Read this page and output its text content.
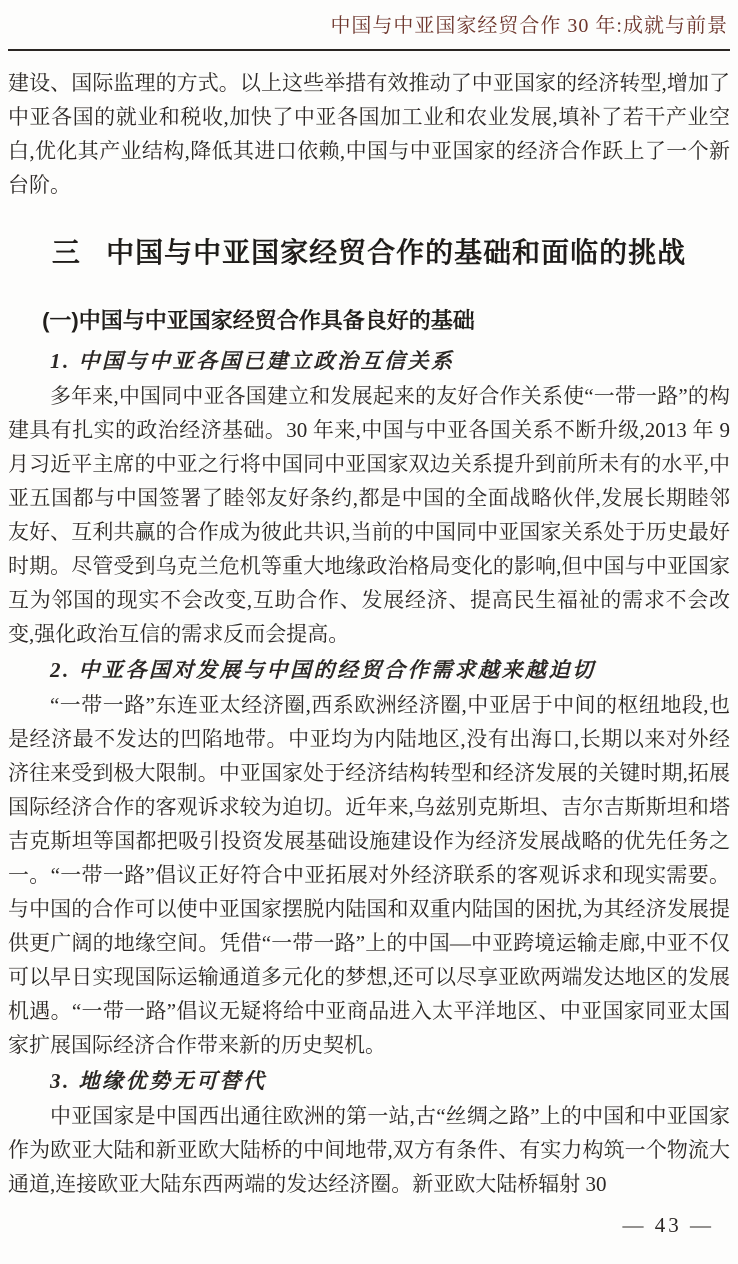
中国与中亚国家经贸合作 30 年:成就与前景

建设、国际监理的方式。以上这些举措有效推动了中亚国家的经济转型,增加了中亚各国的就业和税收,加快了中亚各国加工业和农业发展,填补了若干产业空白,优化其产业结构,降低其进口依赖,中国与中亚国家的经济合作跃上了一个新台阶。

三 中国与中亚国家经贸合作的基础和面临的挑战
(一)中国与中亚国家经贸合作具备良好的基础
1. 中国与中亚各国已建立政治互信关系

多年来,中国同中亚各国建立和发展起来的友好合作关系使“一带一路”的构建具有扎实的政治经济基础。30 年来,中国与中亚各国关系不断升级,2013 年 9 月习近平主席的中亚之行将中国同中亚国家双边关系提升到前所未有的水平,中亚五国都与中国签署了睦邻友好条约,都是中国的全面战略伙伴,发展长期睦邻友好、互利共赢的合作成为彼此共识,当前的中国同中亚国家关系处于历史最好时期。尽管受到乌克兰危机等重大地缘政治格局变化的影响,但中国与中亚国家互为邻国的现实不会改变,互助合作、发展经济、提高民生福祉的需求不会改变,强化政治互信的需求反而会提高。

2. 中亚各国对发展与中国的经贸合作需求越来越迫切

“一带一路”东连亚太经济圈,西系欧洲经济圈,中亚居于中间的枢纽地段,也是经济最不发达的凹陷地带。中亚均为内陆地区,没有出海口,长期以来对外经济往来受到极大限制。中亚国家处于经济结构转型和经济发展的关键时期,拓展国际经济合作的客观诉求较为迫切。近年来,乌兹别克斯坦、吉尔吉斯斯坦和塔吉克斯坦等国都把吸引投资发展基础设施建设作为经济发展战略的优先任务之一。“一带一路”倡议正好符合中亚拓展对外经济联系的客观诉求和现实需要。与中国的合作可以使中亚国家摆脱内陆国和双重内陆国的困扰,为其经济发展提供更广阔的地缘空间。凭借“一带一路”上的中国—中亚跨境运输走廊,中亚不仅可以早日实现国际运输通道多元化的梦想,还可以尽享亚欧两端发达地区的发展机遇。“一带一路”倡议无疑将给中亚商品进入太平洋地区、中亚国家同亚太国家扩展国际经济合作带来新的历史契机。

3. 地缘优势无可替代

中亚国家是中国西出通往欧洲的第一站,古“丝绸之路”上的中国和中亚国家作为欧亚大陆和新亚欧大陆桥的中间地带,双方有条件、有实力构筑一个物流大通道,连接欧亚大陆东西两端的发达经济圈。新亚欧大陆桥辐射 30

— 43 —
